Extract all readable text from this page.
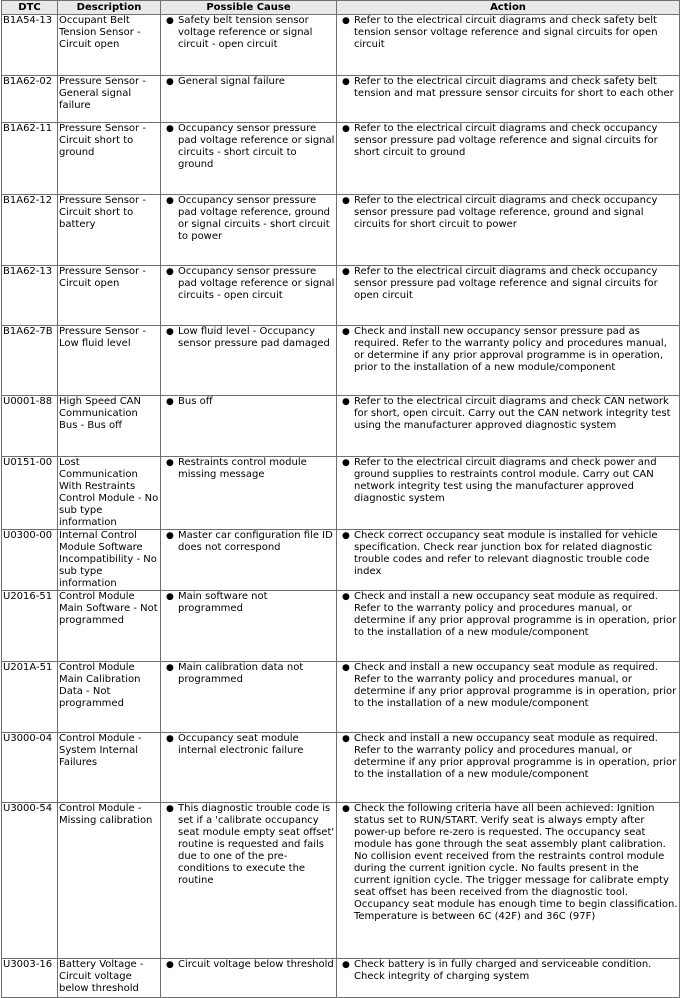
DTC	Description	Possible Cause	Action
B1A54-13	Occupant Belt Tension Sensor - Circuit open	● Safety belt tension sensor voltage reference or signal circuit - open circuit	● Refer to the electrical circuit diagrams and check safety belt tension sensor voltage reference and signal circuits for open circuit

B1A62-02	Pressure Sensor - General signal failure	● General signal failure	● Refer to the electrical circuit diagrams and check safety belt tension and mat pressure sensor circuits for short to each other

B1A62-11	Pressure Sensor - Circuit short to ground	● Occupancy sensor pressure pad voltage reference or signal circuits - short circuit to ground	● Refer to the electrical circuit diagrams and check occupancy sensor pressure pad voltage reference and signal circuits for short circuit to ground

B1A62-12	Pressure Sensor - Circuit short to battery	● Occupancy sensor pressure pad voltage reference, ground or signal circuits - short circuit to power	● Refer to the electrical circuit diagrams and check occupancy sensor pressure pad voltage reference, ground and signal circuits for short circuit to power

B1A62-13	Pressure Sensor - Circuit open	● Occupancy sensor pressure pad voltage reference or signal circuits - open circuit	● Refer to the electrical circuit diagrams and check occupancy sensor pressure pad voltage reference and signal circuits for open circuit

B1A62-7B	Pressure Sensor - Low fluid level	● Low fluid level - Occupancy sensor pressure pad damaged	● Check and install new occupancy sensor pressure pad as required. Refer to the warranty policy and procedures manual, or determine if any prior approval programme is in operation, prior to the installation of a new module/component

U0001-88	High Speed CAN Communication Bus - Bus off	● Bus off	● Refer to the electrical circuit diagrams and check CAN network for short, open circuit. Carry out the CAN network integrity test using the manufacturer approved diagnostic system

U0151-00	Lost Communication With Restraints Control Module - No sub type information	● Restraints control module missing message	● Refer to the electrical circuit diagrams and check power and ground supplies to restraints control module. Carry out CAN network integrity test using the manufacturer approved diagnostic system

U0300-00	Internal Control Module Software Incompatibility - No sub type information	● Master car configuration file ID does not correspond	● Check correct occupancy seat module is installed for vehicle specification. Check rear junction box for related diagnostic trouble codes and refer to relevant diagnostic trouble code index

U2016-51	Control Module Main Software - Not programmed	● Main software not programmed	● Check and install a new occupancy seat module as required. Refer to the warranty policy and procedures manual, or determine if any prior approval programme is in operation, prior to the installation of a new module/component

U201A-51	Control Module Main Calibration Data - Not programmed	● Main calibration data not programmed	● Check and install a new occupancy seat module as required. Refer to the warranty policy and procedures manual, or determine if any prior approval programme is in operation, prior to the installation of a new module/component

U3000-04	Control Module - System Internal Failures	● Occupancy seat module internal electronic failure	● Check and install a new occupancy seat module as required. Refer to the warranty policy and procedures manual, or determine if any prior approval programme is in operation, prior to the installation of a new module/component

U3000-54	Control Module - Missing calibration	● This diagnostic trouble code is set if a 'calibrate occupancy seat module empty seat offset' routine is requested and fails due to one of the pre-conditions to execute the routine	● Check the following criteria have all been achieved: Ignition status set to RUN/START. Verify seat is always empty after power-up before re-zero is requested. The occupancy seat module has gone through the seat assembly plant calibration. No collision event received from the restraints control module during the current ignition cycle. No faults present in the current ignition cycle. The trigger message for calibrate empty seat offset has been received from the diagnostic tool. Occupancy seat module has enough time to begin classification. Temperature is between 6C (42F) and 36C (97F)

U3003-16	Battery Voltage - Circuit voltage below threshold	● Circuit voltage below threshold	● Check battery is in fully charged and serviceable condition. Check integrity of charging system
